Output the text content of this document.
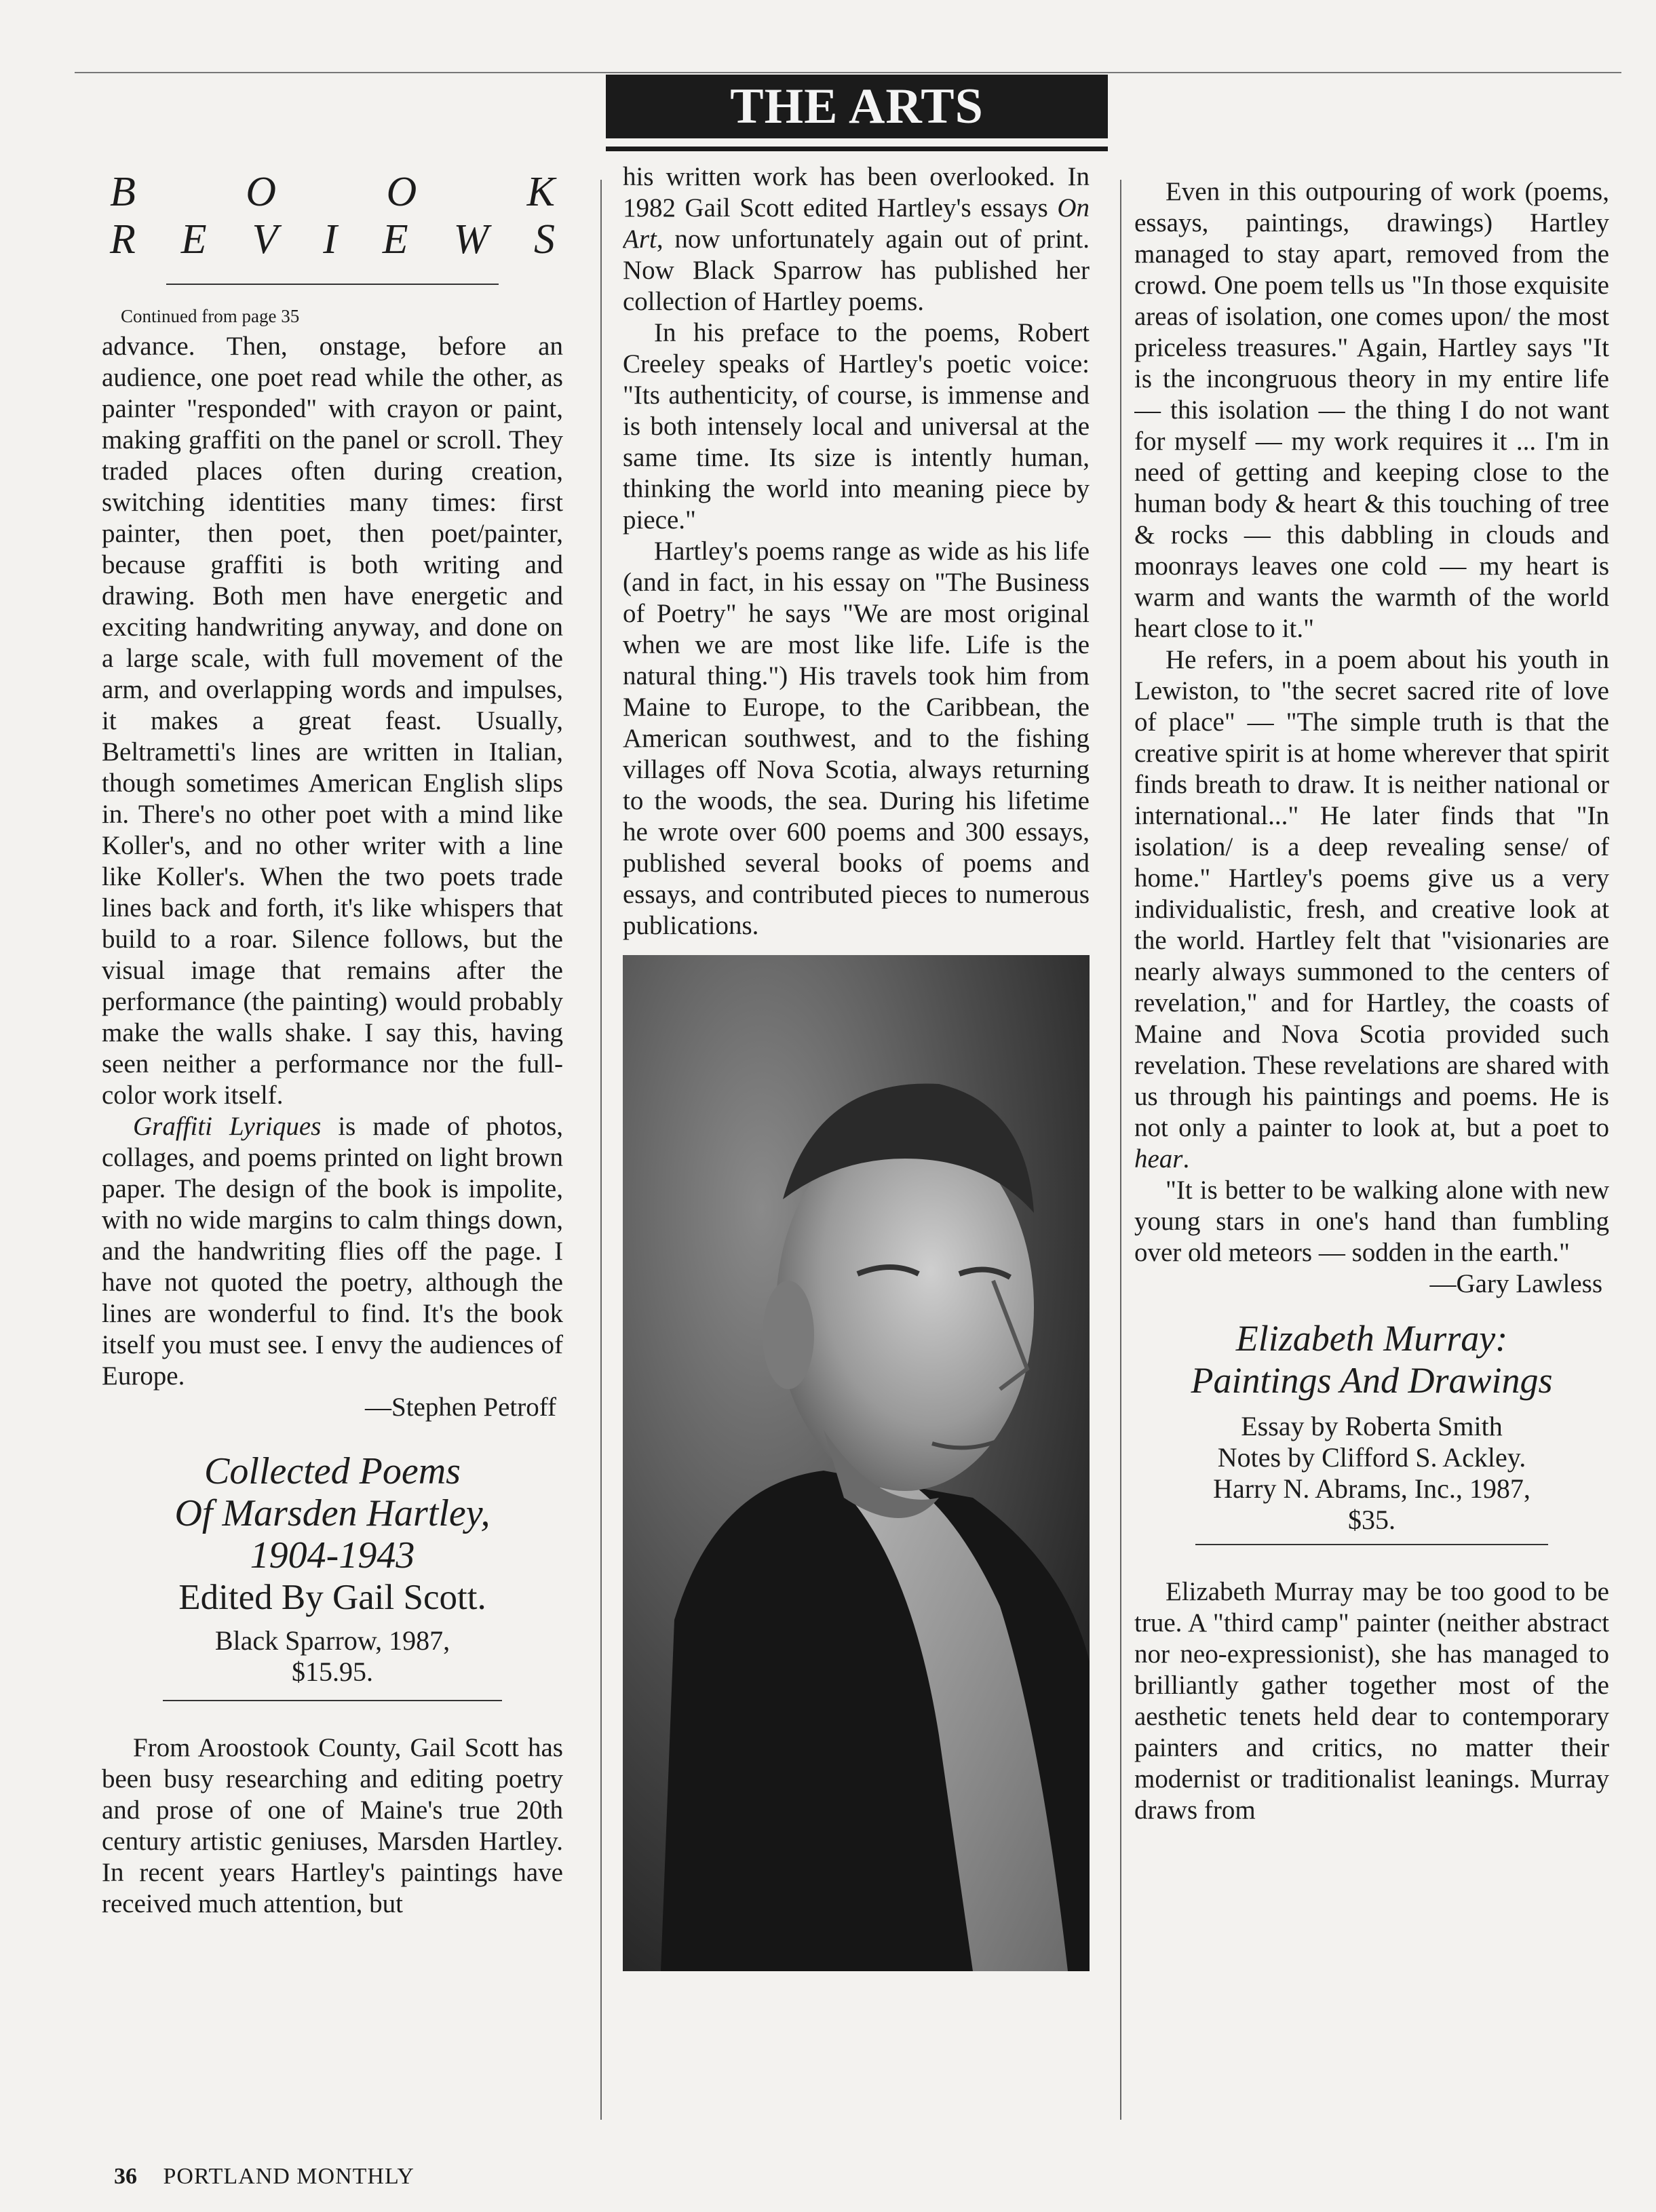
THE ARTS
B	O	O	K
R E V I E W S
Continued from page 35

advance. Then, onstage, before an audience, one poet read while the other, as painter "responded" with crayon or paint, making graffiti on the panel or scroll. They traded places often during creation, switching identities many times: first painter, then poet, then poet/painter, because graffiti is both writing and drawing. Both men have energetic and exciting handwriting anyway, and done on a large scale, with full movement of the arm, and overlapping words and impulses, it makes a great feast. Usually, Beltrametti's lines are written in Italian, though sometimes American English slips in. There's no other poet with a mind like Koller's, and no other writer with a line like Koller's. When the two poets trade lines back and forth, it's like whispers that build to a roar. Silence follows, but the visual image that remains after the performance (the painting) would probably make the walls shake. I say this, having seen neither a performance nor the full-color work itself.

Graffiti Lyriques is made of photos, collages, and poems printed on light brown paper. The design of the book is impolite, with no wide margins to calm things down, and the handwriting flies off the page. I have not quoted the poetry, although the lines are wonderful to find. It's the book itself you must see. I envy the audiences of Europe.

—Stephen Petroff
Collected Poems
Of Marsden Hartley,
1904-1943
Edited By Gail Scott.
Black Sparrow, 1987,
$15.95.

From Aroostook County, Gail Scott has been busy researching and editing poetry and prose of one of Maine's true 20th century artistic geniuses, Marsden Hartley. In recent years Hartley's paintings have received much attention, but

his written work has been overlooked. In 1982 Gail Scott edited Hartley's essays On Art, now unfortunately again out of print. Now Black Sparrow has published her collection of Hartley poems.

In his preface to the poems, Robert Creeley speaks of Hartley's poetic voice: "Its authenticity, of course, is immense and is both intensely local and universal at the same time. Its size is intently human, thinking the world into meaning piece by piece."

Hartley's poems range as wide as his life (and in fact, in his essay on "The Business of Poetry" he says "We are most original when we are most like life. Life is the natural thing.") His travels took him from Maine to Europe, to the Caribbean, the American southwest, and to the fishing villages off Nova Scotia, always returning to the woods, the sea. During his lifetime he wrote over 600 poems and 300 essays, published several books of poems and essays, and contributed pieces to numerous publications.

Even in this outpouring of work (poems, essays, paintings, drawings) Hartley managed to stay apart, removed from the crowd. One poem tells us "In those exquisite areas of isolation, one comes upon/ the most priceless treasures." Again, Hartley says "It is the incongruous theory in my entire life — this isolation — the thing I do not want for myself — my work requires it ... I'm in need of getting and keeping close to the human body & heart & this touching of tree & rocks — this dabbling in clouds and moonrays leaves one cold — my heart is warm and wants the warmth of the world heart close to it."

He refers, in a poem about his youth in Lewiston, to "the secret sacred rite of love of place" — "The simple truth is that the creative spirit is at home wherever that spirit finds breath to draw. It is neither national or international..." He later finds that "In isolation/ is a deep revealing sense/ of home." Hartley's poems give us a very individualistic, fresh, and creative look at the world. Hartley felt that "visionaries are nearly always summoned to the centers of revelation," and for Hartley, the coasts of Maine and Nova Scotia provided such revelation. These revelations are shared with us through his paintings and poems. He is not only a painter to look at, but a poet to hear.

"It is better to be walking alone with new young stars in one's hand than fumbling over old meteors — sodden in the earth."

—Gary Lawless
Elizabeth Murray:
Paintings And Drawings
Essay by Roberta Smith
Notes by Clifford S. Ackley.
Harry N. Abrams, Inc., 1987,
$35.

Elizabeth Murray may be too good to be true. A "third camp" painter (neither abstract nor neo-expressionist), she has managed to brilliantly gather together most of the aesthetic tenets held dear to contemporary painters and critics, no matter their modernist or traditionalist leanings. Murray draws from

36 PORTLAND MONTHLY
